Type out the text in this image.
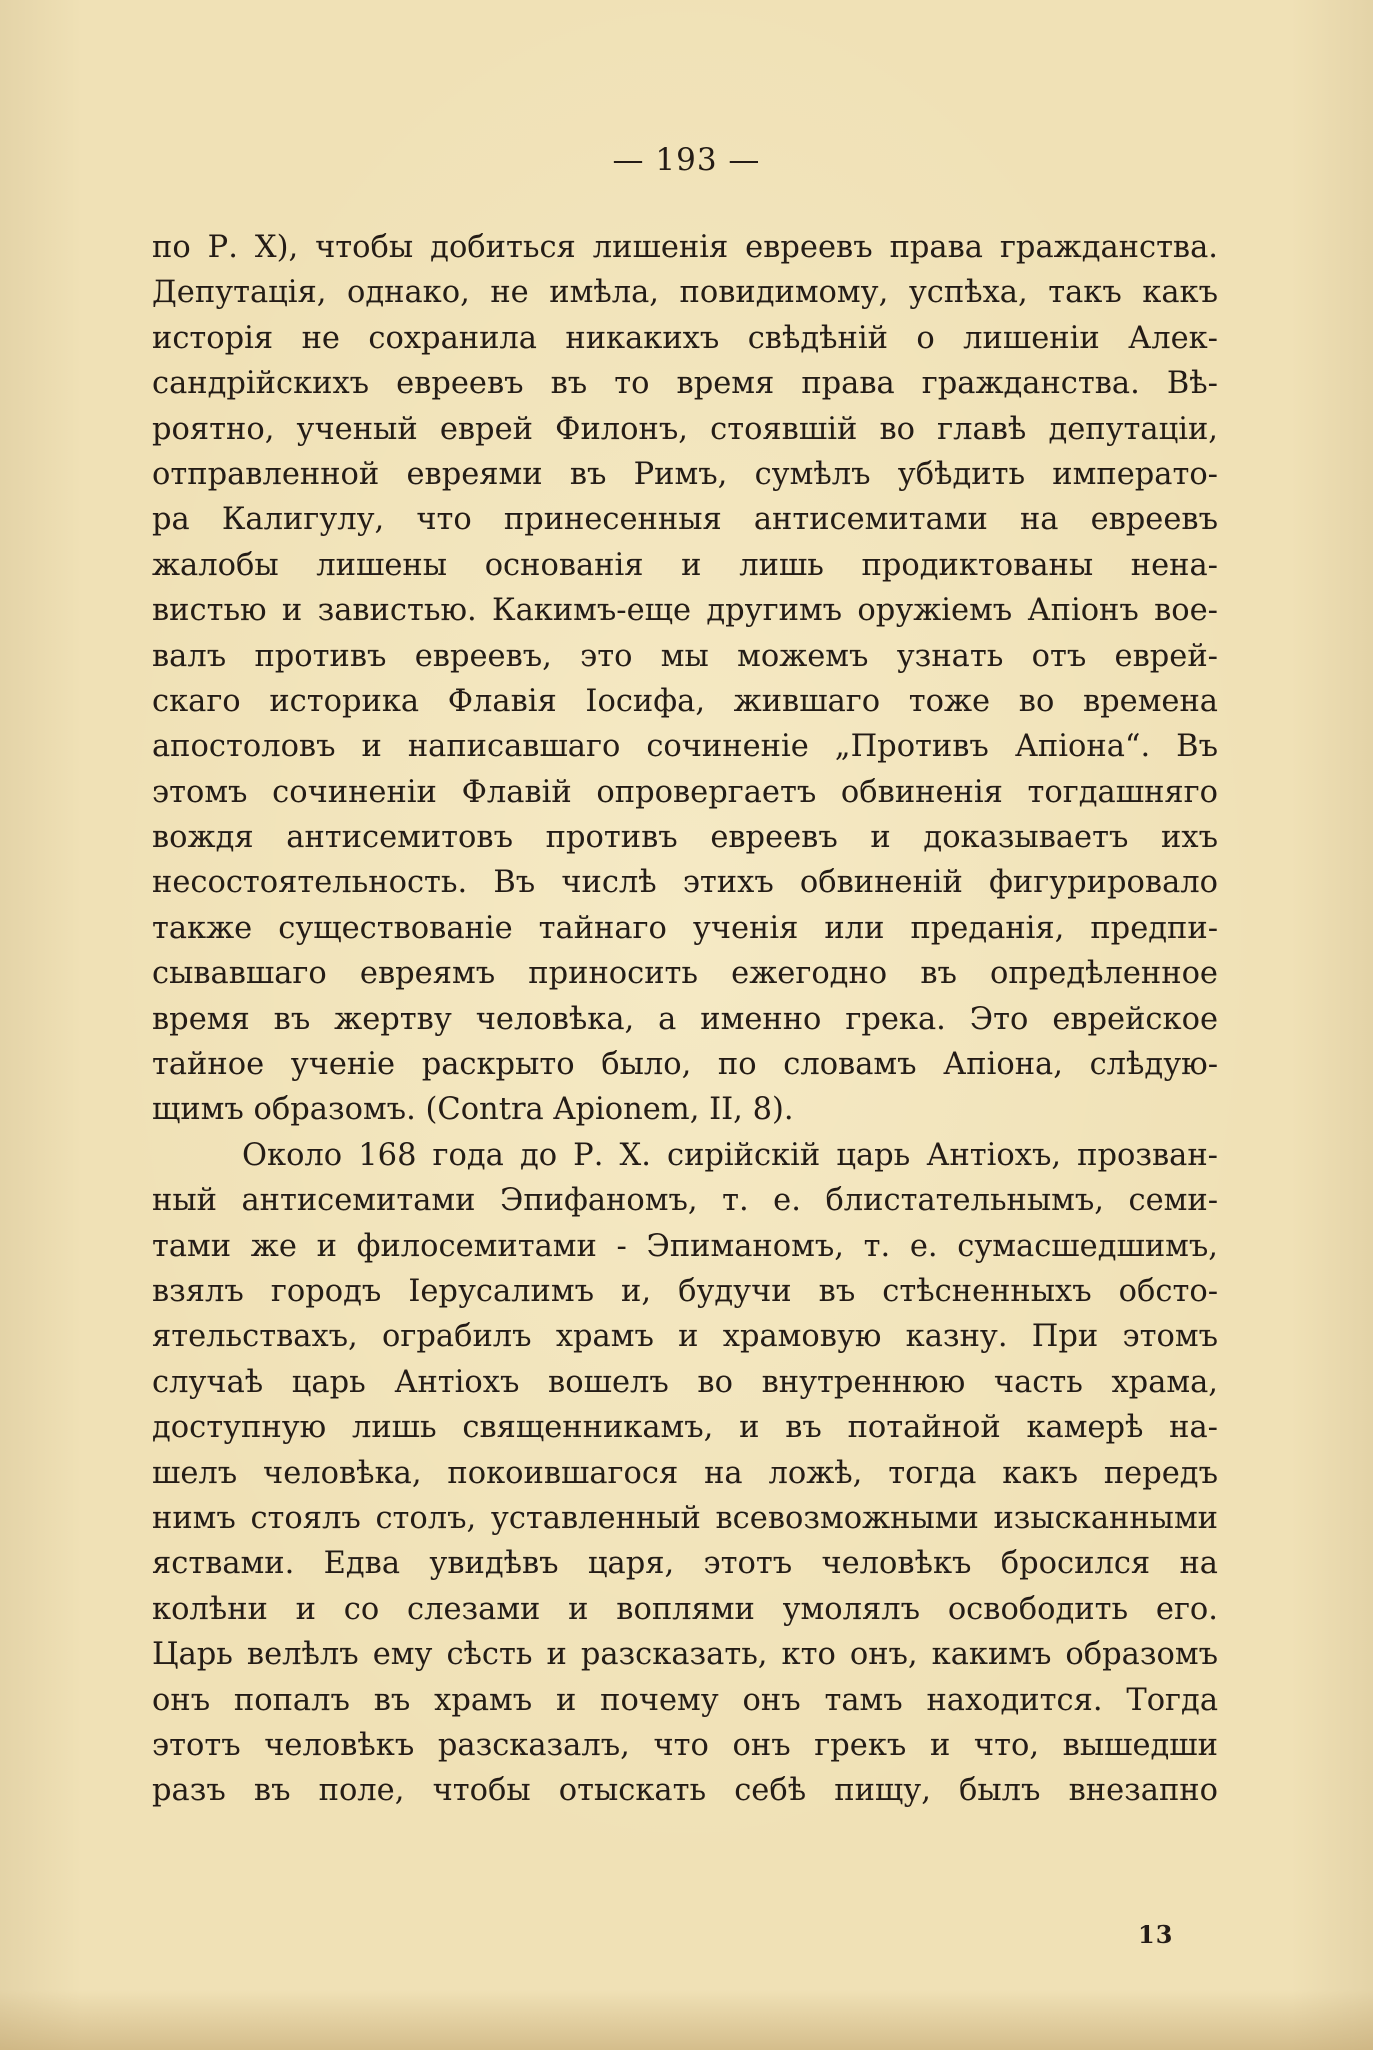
— 193 —
по Р. Х), чтобы добиться лишенія евреевъ права гражданства.
Депутація, однако, не имѣла, повидимому, успѣха, такъ какъ
исторія не сохранила никакихъ свѣдѣній о лишеніи Алек-
сандрійскихъ евреевъ въ то время права гражданства. Вѣ-
роятно, ученый еврей Филонъ, стоявшій во главѣ депутаціи,
отправленной евреями въ Римъ, сумѣлъ убѣдить императо-
ра Калигулу, что принесенныя антисемитами на евреевъ
жалобы лишены основанія и лишь продиктованы нена-
вистью и завистью. Какимъ-еще другимъ оружіемъ Апіонъ вое-
валъ противъ евреевъ, это мы можемъ узнать отъ еврей-
скаго историка Флавія Іосифа, жившаго тоже во времена
апостоловъ и написавшаго сочиненіе „Противъ Апіона“. Въ
этомъ сочиненіи Флавій опровергаетъ обвиненія тогдашняго
вождя антисемитовъ противъ евреевъ и доказываетъ ихъ
несостоятельность. Въ числѣ этихъ обвиненій фигурировало
также существованіе тайнаго ученія или преданія, предпи-
сывавшаго евреямъ приносить ежегодно въ опредѣленное
время въ жертву человѣка, а именно грека. Это еврейское
тайное ученіе раскрыто было, по словамъ Апіона, слѣдую-
щимъ образомъ. (Contra Apionem, II, 8).
Около 168 года до Р. Х. сирійскій царь Антіохъ, прозван-
ный антисемитами Эпифаномъ, т. е. блистательнымъ, семи-
тами же и филосемитами - Эпиманомъ, т. е. сумасшедшимъ,
взялъ городъ Іерусалимъ и, будучи въ стѣсненныхъ обсто-
ятельствахъ, ограбилъ храмъ и храмовую казну. При этомъ
случаѣ царь Антіохъ вошелъ во внутреннюю часть храма,
доступную лишь священникамъ, и въ потайной камерѣ на-
шелъ человѣка, покоившагося на ложѣ, тогда какъ передъ
нимъ стоялъ столъ, уставленный всевозможными изысканными
яствами. Едва увидѣвъ царя, этотъ человѣкъ бросился на
колѣни и со слезами и воплями умолялъ освободить его.
Царь велѣлъ ему сѣсть и разсказать, кто онъ, какимъ образомъ
онъ попалъ въ храмъ и почему онъ тамъ находится. Тогда
этотъ человѣкъ разсказалъ, что онъ грекъ и что, вышедши
разъ въ поле, чтобы отыскать себѣ пищу, былъ внезапно
13
